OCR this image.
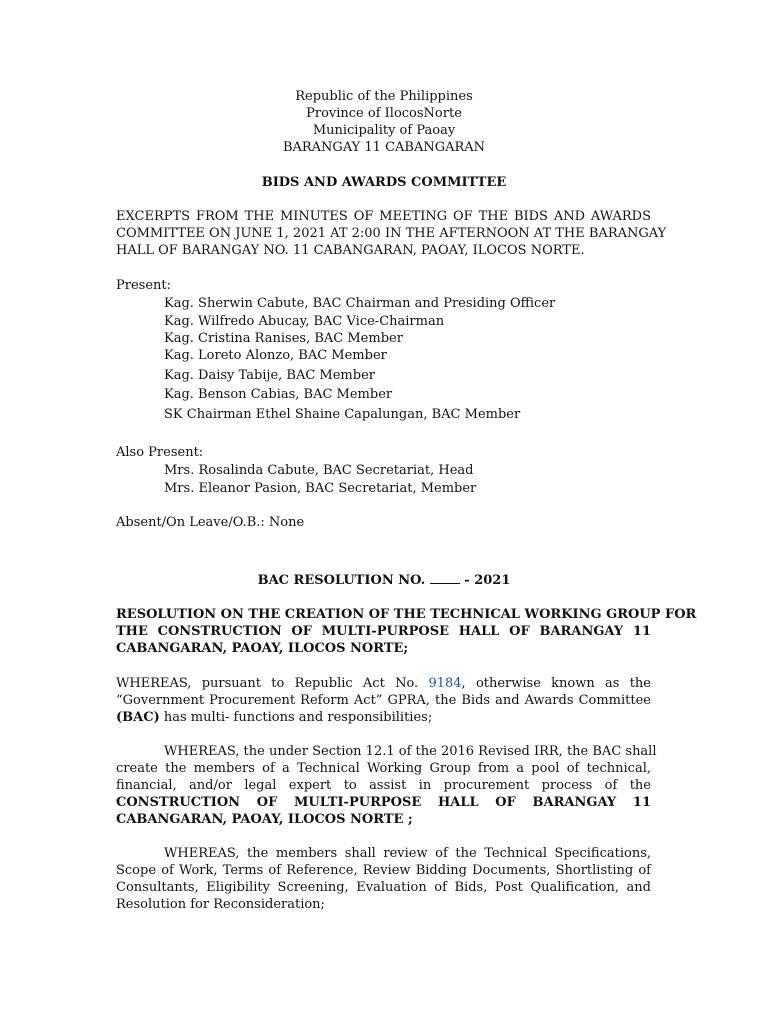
Republic of the Philippines
Province of IlocosNorte
Municipality of Paoay
BARANGAY 11 CABANGARAN
BIDS AND AWARDS COMMITTEE
EXCERPTS FROM THE MINUTES OF MEETING OF THE BIDS AND AWARDS
COMMITTEE ON JUNE 1, 2021 AT 2:00 IN THE AFTERNOON AT THE BARANGAY
HALL OF BARANGAY NO. 11 CABANGARAN, PAOAY, ILOCOS NORTE.
Present:
Kag. Sherwin Cabute, BAC Chairman and Presiding Officer
Kag. Wilfredo Abucay, BAC Vice-Chairman
Kag. Cristina Ranises, BAC Member
Kag. Loreto Alonzo, BAC Member
Kag. Daisy Tabije, BAC Member
Kag. Benson Cabias, BAC Member
SK Chairman Ethel Shaine Capalungan, BAC Member
Also Present:
Mrs. Rosalinda Cabute, BAC Secretariat, Head
Mrs. Eleanor Pasion, BAC Secretariat, Member
Absent/On Leave/O.B.: None
BAC RESOLUTION NO.	- 2021
RESOLUTION ON THE CREATION OF THE TECHNICAL WORKING GROUP FOR
THE CONSTRUCTION OF MULTI-PURPOSE HALL OF BARANGAY 11
CABANGARAN, PAOAY, ILOCOS NORTE;
WHEREAS, pursuant to Republic Act No. 9184, otherwise known as the
“Government Procurement Reform Act” GPRA, the Bids and Awards Committee
(BAC) has multi- functions and responsibilities;
WHEREAS, the under Section 12.1 of the 2016 Revised IRR, the BAC shall
create the members of a Technical Working Group from a pool of technical,
financial, and/or legal expert to assist in procurement process of the
CONSTRUCTION OF MULTI-PURPOSE HALL OF BARANGAY 11
CABANGARAN, PAOAY, ILOCOS NORTE ;
WHEREAS, the members shall review of the Technical Specifications,
Scope of Work, Terms of Reference, Review Bidding Documents, Shortlisting of
Consultants, Eligibility Screening, Evaluation of Bids, Post Qualification, and
Resolution for Reconsideration;
